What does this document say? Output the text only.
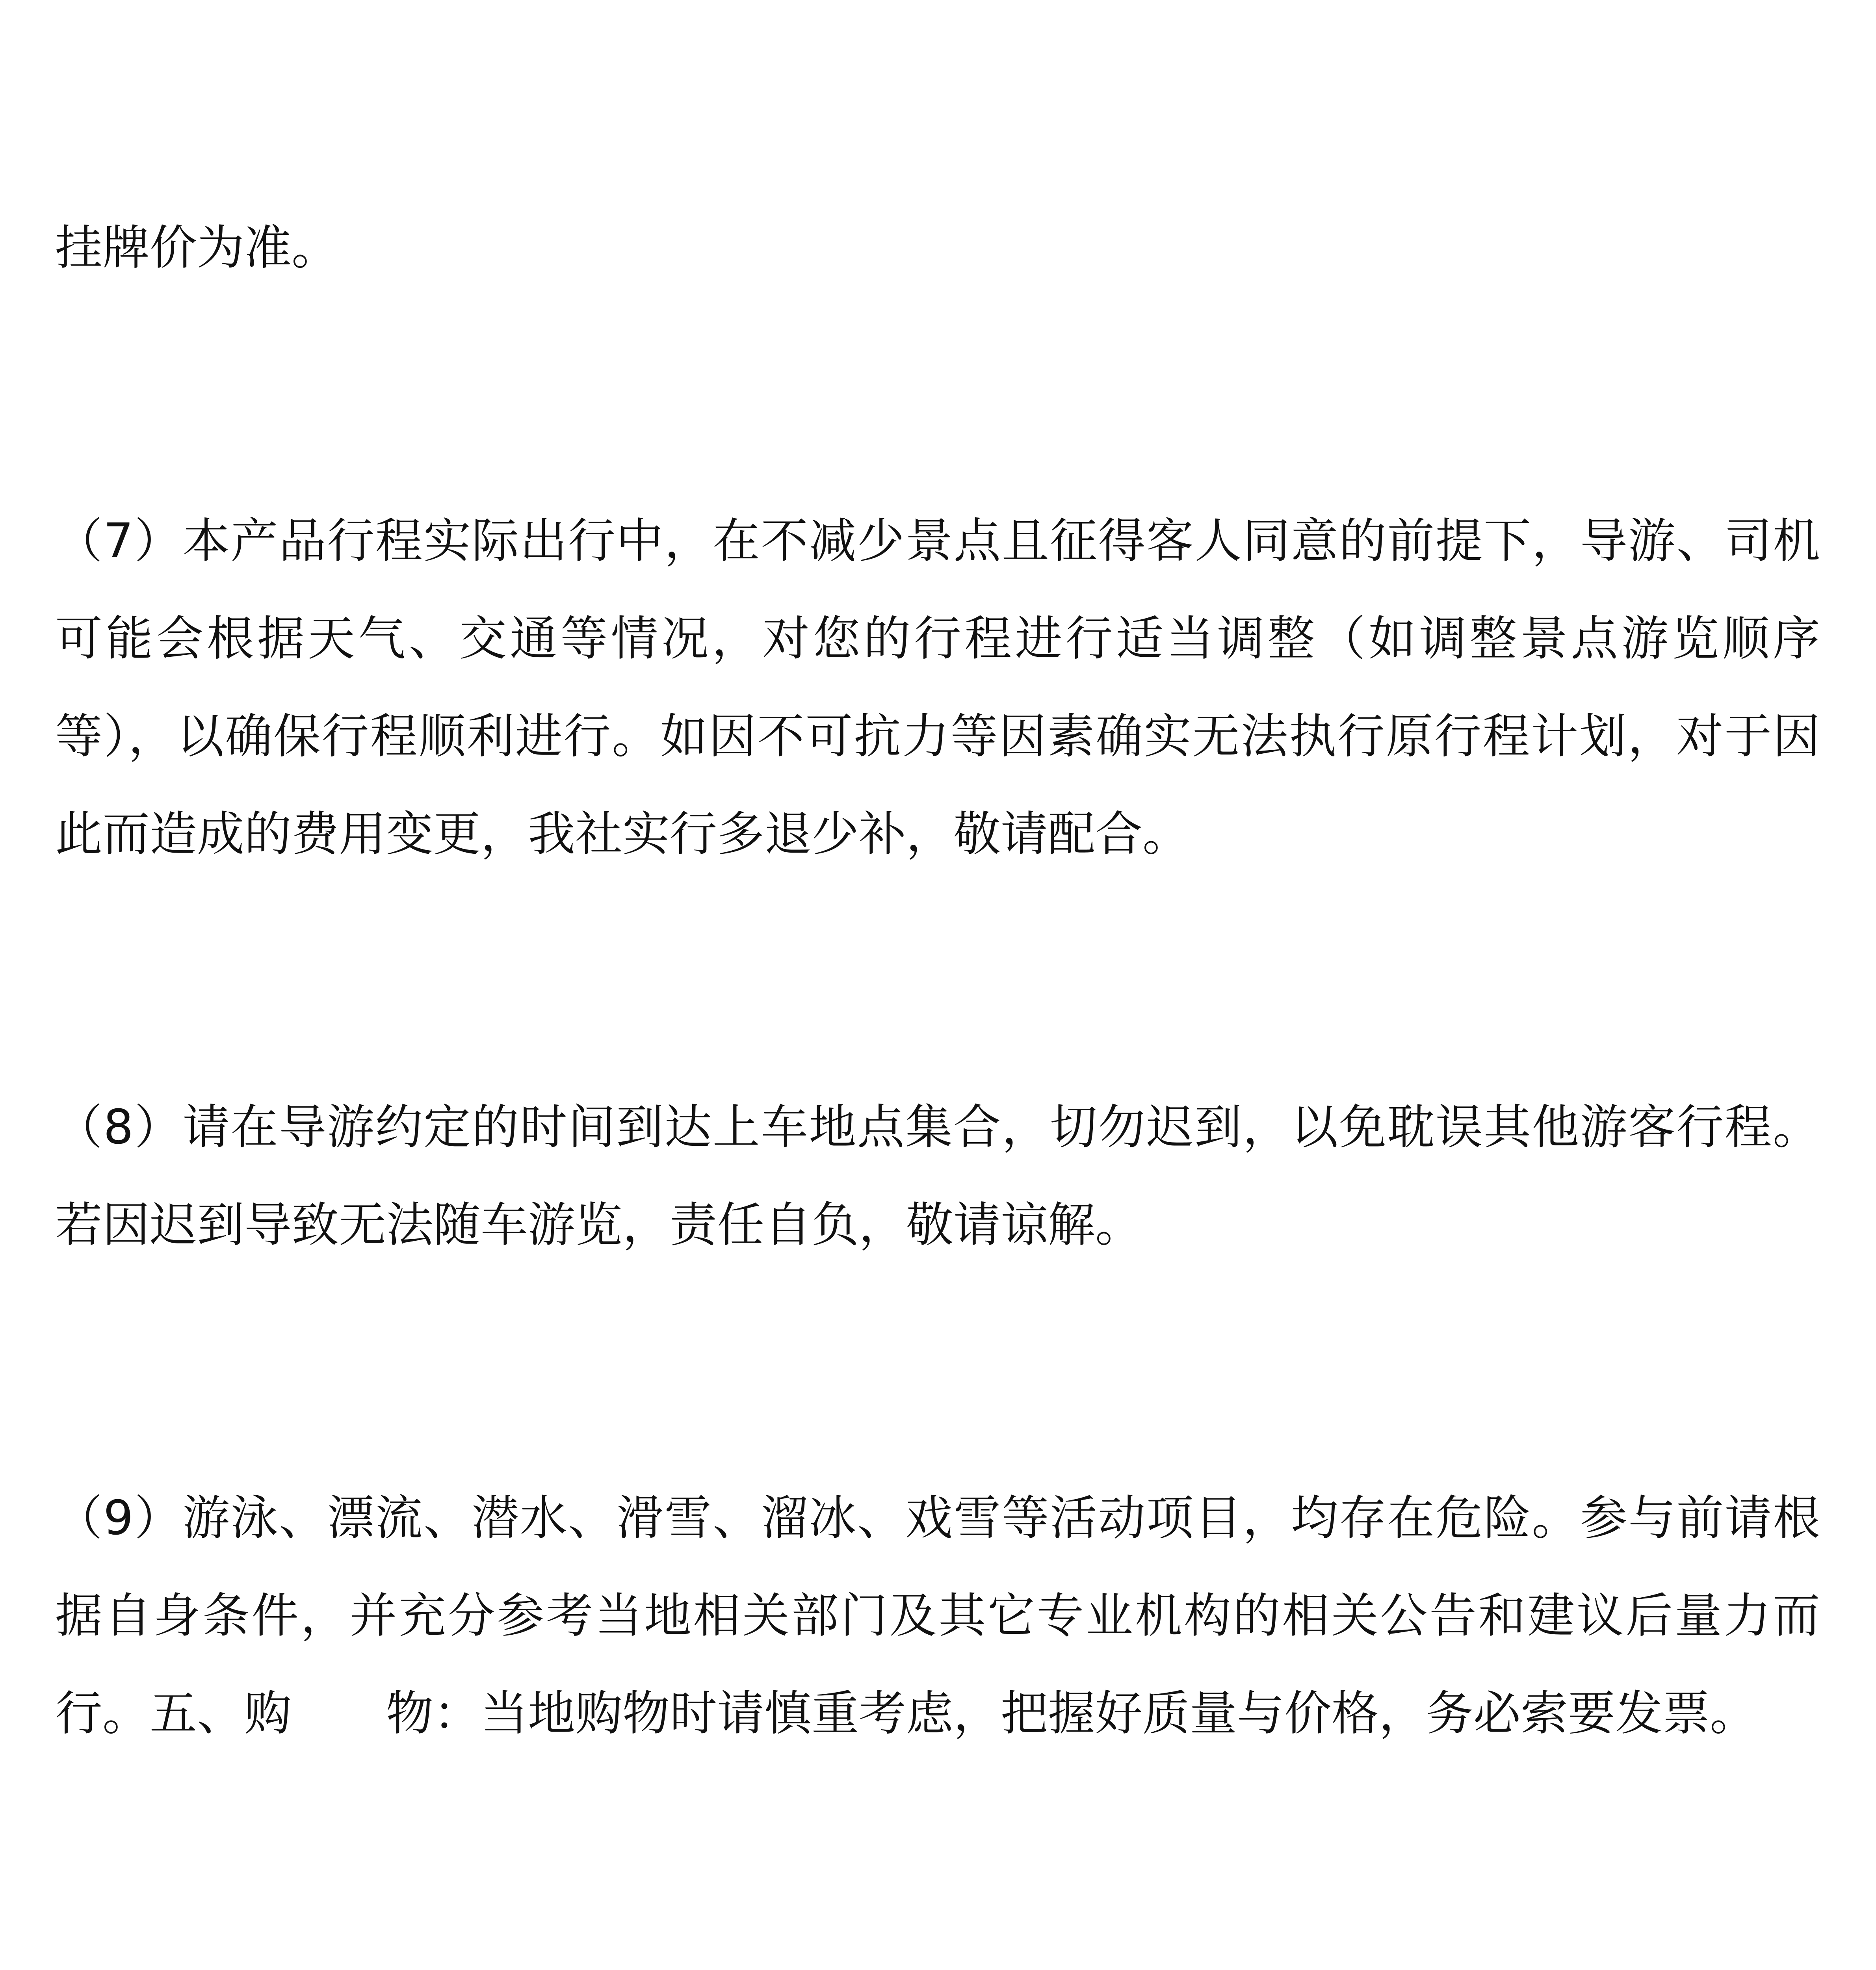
挂牌价为准。

（7）本产品行程实际出行中，在不减少景点且征得客人同意的前提下，导游、司机可能会根据天气、交通等情况，对您的行程进行适当调整（如调整景点游览顺序等），以确保行程顺利进行。如因不可抗力等因素确实无法执行原行程计划，对于因此而造成的费用变更，我社实行多退少补，敬请配合。

（8）请在导游约定的时间到达上车地点集合，切勿迟到，以免耽误其他游客行程。若因迟到导致无法随车游览，责任自负，敬请谅解。

（9）游泳、漂流、潜水、滑雪、溜冰、戏雪等活动项目，均存在危险。参与前请根据自身条件，并充分参考当地相关部门及其它专业机构的相关公告和建议后量力而行。五、购　　物：当地购物时请慎重考虑，把握好质量与价格，务必索要发票。
